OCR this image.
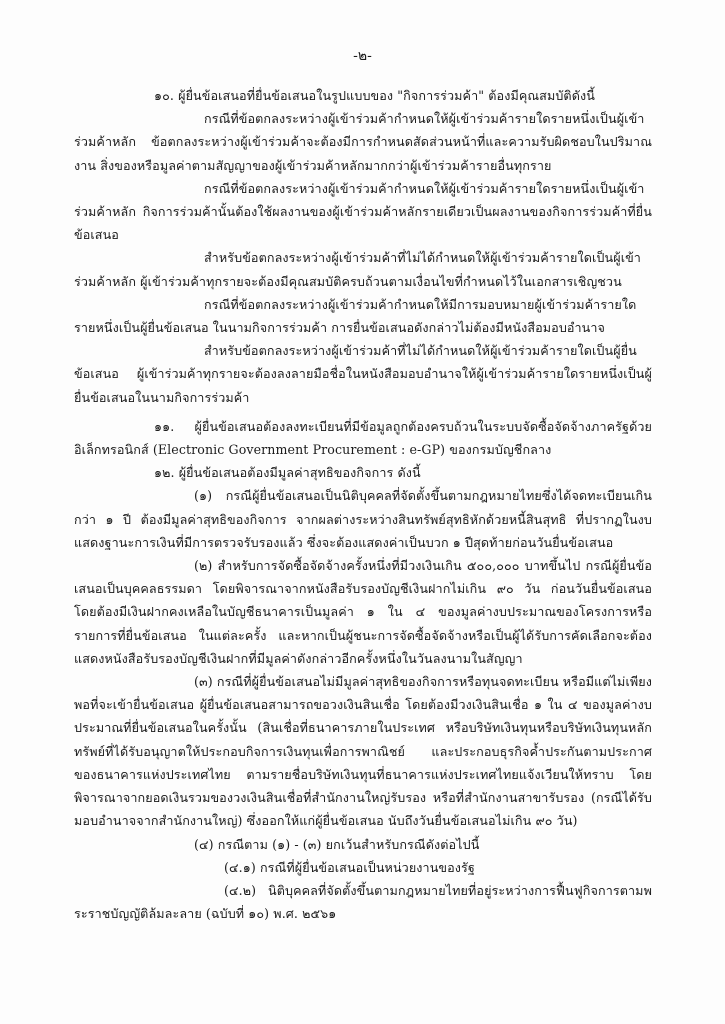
-๒-

๑๐. ผู้ยื่นข้อเสนอที่ยื่นข้อเสนอในรูปแบบของ "กิจการร่วมค้า" ต้องมีคุณสมบัติดังนี้

กรณีที่ข้อตกลงระหว่างผู้เข้าร่วมค้ากำหนดให้ผู้เข้าร่วมค้ารายใดรายหนึ่งเป็นผู้เข้าร่วมค้าหลัก ข้อตกลงระหว่างผู้เข้าร่วมค้าจะต้องมีการกำหนดสัดส่วนหน้าที่และความรับผิดชอบในปริมาณงาน สิ่งของหรือมูลค่าตามสัญญาของผู้เข้าร่วมค้าหลักมากกว่าผู้เข้าร่วมค้ารายอื่นทุกราย

กรณีที่ข้อตกลงระหว่างผู้เข้าร่วมค้ากำหนดให้ผู้เข้าร่วมค้ารายใดรายหนึ่งเป็นผู้เข้าร่วมค้าหลัก กิจการร่วมค้านั้นต้องใช้ผลงานของผู้เข้าร่วมค้าหลักรายเดียวเป็นผลงานของกิจการร่วมค้าที่ยื่นข้อเสนอ

สำหรับข้อตกลงระหว่างผู้เข้าร่วมค้าที่ไม่ได้กำหนดให้ผู้เข้าร่วมค้ารายใดเป็นผู้เข้าร่วมค้าหลัก ผู้เข้าร่วมค้าทุกรายจะต้องมีคุณสมบัติครบถ้วนตามเงื่อนไขที่กำหนดไว้ในเอกสารเชิญชวน

กรณีที่ข้อตกลงระหว่างผู้เข้าร่วมค้ากำหนดให้มีการมอบหมายผู้เข้าร่วมค้ารายใดรายหนึ่งเป็นผู้ยื่นข้อเสนอ ในนามกิจการร่วมค้า การยื่นข้อเสนอดังกล่าวไม่ต้องมีหนังสือมอบอำนาจ

สำหรับข้อตกลงระหว่างผู้เข้าร่วมค้าที่ไม่ได้กำหนดให้ผู้เข้าร่วมค้ารายใดเป็นผู้ยื่นข้อเสนอ ผู้เข้าร่วมค้าทุกรายจะต้องลงลายมือชื่อในหนังสือมอบอำนาจให้ผู้เข้าร่วมค้ารายใดรายหนึ่งเป็นผู้ยื่นข้อเสนอในนามกิจการร่วมค้า

๑๑. ผู้ยื่นข้อเสนอต้องลงทะเบียนที่มีข้อมูลถูกต้องครบถ้วนในระบบจัดซื้อจัดจ้างภาครัฐด้วยอิเล็กทรอนิกส์ (Electronic Government Procurement : e-GP) ของกรมบัญชีกลาง

๑๒. ผู้ยื่นข้อเสนอต้องมีมูลค่าสุทธิของกิจการ ดังนี้

(๑) กรณีผู้ยื่นข้อเสนอเป็นนิติบุคคลที่จัดตั้งขึ้นตามกฎหมายไทยซึ่งได้จดทะเบียนเกินกว่า ๑ ปี ต้องมีมูลค่าสุทธิของกิจการ จากผลต่างระหว่างสินทรัพย์สุทธิหักด้วยหนี้สินสุทธิ ที่ปรากฏในงบแสดงฐานะการเงินที่มีการตรวจรับรองแล้ว ซึ่งจะต้องแสดงค่าเป็นบวก ๑ ปีสุดท้ายก่อนวันยื่นข้อเสนอ

(๒) สำหรับการจัดซื้อจัดจ้างครั้งหนึ่งที่มีวงเงินเกิน ๕๐๐,๐๐๐ บาทขึ้นไป กรณีผู้ยื่นข้อเสนอเป็นบุคคลธรรมดา โดยพิจารณาจากหนังสือรับรองบัญชีเงินฝากไม่เกิน ๙๐ วัน ก่อนวันยื่นข้อเสนอ โดยต้องมีเงินฝากคงเหลือในบัญชีธนาคารเป็นมูลค่า ๑ ใน ๔ ของมูลค่างบประมาณของโครงการหรือรายการที่ยื่นข้อเสนอ ในแต่ละครั้ง และหากเป็นผู้ชนะการจัดซื้อจัดจ้างหรือเป็นผู้ได้รับการคัดเลือกจะต้องแสดงหนังสือรับรองบัญชีเงินฝากที่มีมูลค่าดังกล่าวอีกครั้งหนึ่งในวันลงนามในสัญญา

(๓) กรณีที่ผู้ยื่นข้อเสนอไม่มีมูลค่าสุทธิของกิจการหรือทุนจดทะเบียน หรือมีแต่ไม่เพียงพอที่จะเข้ายื่นข้อเสนอ ผู้ยื่นข้อเสนอสามารถขอวงเงินสินเชื่อ โดยต้องมีวงเงินสินเชื่อ ๑ ใน ๔ ของมูลค่างบประมาณที่ยื่นข้อเสนอในครั้งนั้น (สินเชื่อที่ธนาคารภายในประเทศ หรือบริษัทเงินทุนหรือบริษัทเงินทุนหลักทรัพย์ที่ได้รับอนุญาตให้ประกอบกิจการเงินทุนเพื่อการพาณิชย์ และประกอบธุรกิจค้ำประกันตามประกาศของธนาคารแห่งประเทศไทย ตามรายชื่อบริษัทเงินทุนที่ธนาคารแห่งประเทศไทยแจ้งเวียนให้ทราบ โดยพิจารณาจากยอดเงินรวมของวงเงินสินเชื่อที่สำนักงานใหญ่รับรอง หรือที่สำนักงานสาขารับรอง (กรณีได้รับมอบอำนาจจากสำนักงานใหญ่) ซึ่งออกให้แก่ผู้ยื่นข้อเสนอ นับถึงวันยื่นข้อเสนอไม่เกิน ๙๐ วัน)

(๔) กรณีตาม (๑) - (๓) ยกเว้นสำหรับกรณีดังต่อไปนี้

(๔.๑) กรณีที่ผู้ยื่นข้อเสนอเป็นหน่วยงานของรัฐ

(๔.๒) นิติบุคคลที่จัดตั้งขึ้นตามกฎหมายไทยที่อยู่ระหว่างการฟื้นฟูกิจการตามพระราชบัญญัติล้มละลาย (ฉบับที่ ๑๐) พ.ศ. ๒๕๖๑
